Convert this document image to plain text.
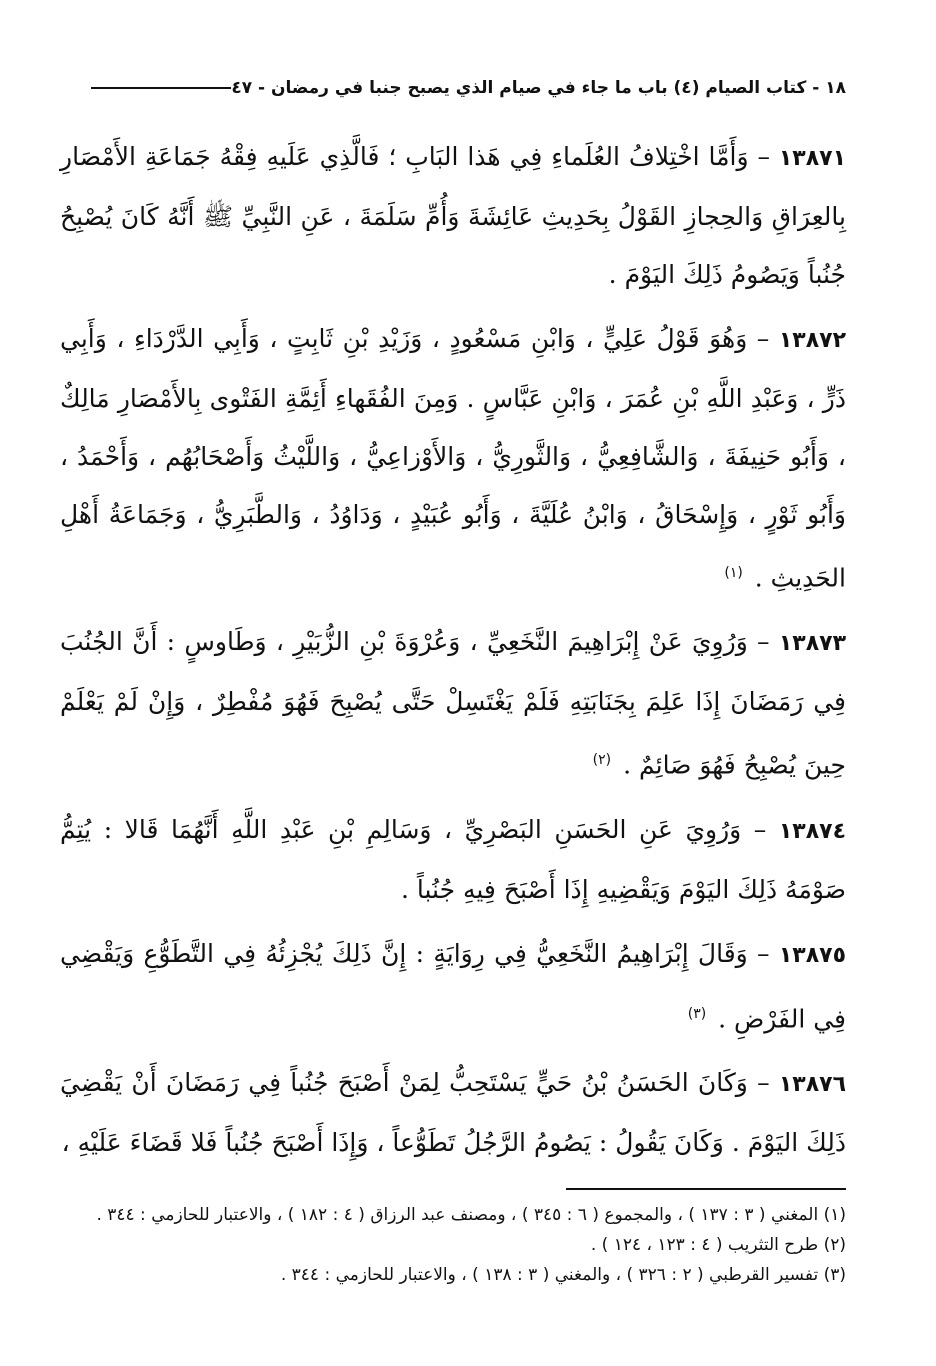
١٨ - كتاب الصيام (٤) باب ما جاء في صيام الذي يصبح جنبا في رمضان - ٤٧

١٣٨٧١ – وَأَمَّا اخْتِلافُ العُلَماءِ فِي هَذا البَابِ ؛ فَالَّذِي عَلَيهِ فِقْهُ جَمَاعَةِ الأَمْصَارِ بِالعِرَاقِ وَالحِجازِ القَوْلُ بِحَدِيثِ عَائِشَةَ وَأُمِّ سَلَمَةَ ، عَنِ النَّبِيِّ ﷺ أَنَّهُ كَانَ يُصْبِحُ جُنُباً وَيَصُومُ ذَلِكَ اليَوْمَ .

١٣٨٧٢ – وَهُوَ قَوْلُ عَلِيٍّ ، وَابْنِ مَسْعُودٍ ، وَزَيْدِ بْنِ ثَابِتٍ ، وَأَبِي الدَّرْدَاءِ ، وَأَبِي ذَرٍّ ، وَعَبْدِ اللَّهِ بْنِ عُمَرَ ، وَابْنِ عَبَّاسٍ . وَمِنَ الفُقَهاءِ أَئِمَّةِ الفَتْوى بِالأَمْصَارِ مَالِكٌ ، وَأَبُو حَنِيفَةَ ، وَالشَّافِعِيُّ ، وَالثَّورِيُّ ، وَالأَوْزاعِيُّ ، وَاللَّيْثُ وَأَصْحَابُهُم ، وَأَحْمَدُ ، وَأَبُو ثَوْرٍ ، وَإِسْحَاقُ ، وَابْنُ عُلَيَّةَ ، وَأَبُو عُبَيْدٍ ، وَدَاوُدُ ، وَالطَّبَرِيُّ ، وَجَمَاعَةُ أَهْلِ الحَدِيثِ . $^{(١)}$

١٣٨٧٣ – وَرُوِيَ عَنْ إِبْرَاهِيمَ النَّخَعِيِّ ، وَعُرْوَةَ بْنِ الزُّبَيْرِ ، وَطَاوسٍ : أَنَّ الجُنُبَ فِي رَمَضَانَ إِذَا عَلِمَ بِجَنَابَتِهِ فَلَمْ يَغْتَسِلْ حَتَّى يُصْبِحَ فَهُوَ مُفْطِرٌ ، وَإِنْ لَمْ يَعْلَمْ حِينَ يُصْبِحُ فَهُوَ صَائِمٌ . $^{(٢)}$

١٣٨٧٤ – وَرُوِيَ عَنِ الحَسَنِ البَصْرِيِّ ، وَسَالِمِ بْنِ عَبْدِ اللَّهِ أَنَّهُمَا قَالا : يُتِمُّ صَوْمَهُ ذَلِكَ اليَوْمَ وَيَقْضِيهِ إِذَا أَصْبَحَ فِيهِ جُنُباً .

١٣٨٧٥ – وَقَالَ إِبْرَاهِيمُ النَّخَعِيُّ فِي رِوَايَةٍ : إِنَّ ذَلِكَ يُجْزِئُهُ فِي التَّطَوُّعِ وَيَقْضِي فِي الفَرْضِ . $^{(٣)}$

١٣٨٧٦ – وَكَانَ الحَسَنُ بْنُ حَيٍّ يَسْتَحِبُّ لِمَنْ أَصْبَحَ جُنُباً فِي رَمَضَانَ أَنْ يَقْضِيَ ذَلِكَ اليَوْمَ . وَكَانَ يَقُولُ : يَصُومُ الرَّجُلُ تَطَوُّعاً ، وَإِذَا أَصْبَحَ جُنُباً فَلا قَضَاءَ عَلَيْهِ ،

(١) المغني ( ٣ : ١٣٧ ) ، والمجموع ( ٦ : ٣٤٥ ) ، ومصنف عبد الرزاق ( ٤ : ١٨٢ ) ، والاعتبار للحازمي : ٣٤٤ .

(٢) طرح التثريب ( ٤ : ١٢٣ ، ١٢٤ ) .

(٣) تفسير القرطبي ( ٢ : ٣٢٦ ) ، والمغني ( ٣ : ١٣٨ ) ، والاعتبار للحازمي : ٣٤٤ .
